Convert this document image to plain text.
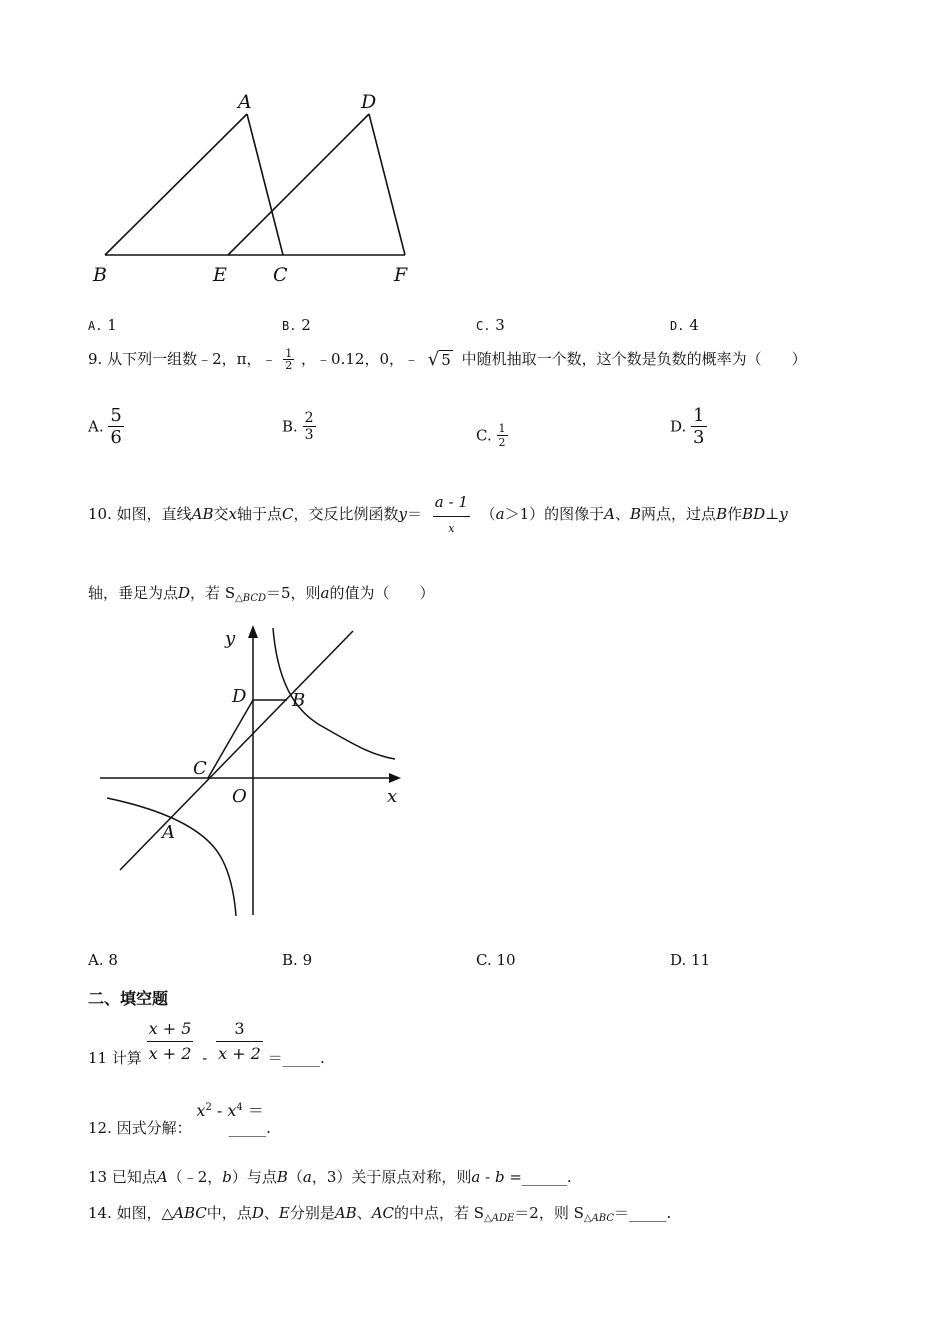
A	D
B	E C	F
A. 1	B. 2	C. 3	D. 4
9. 从下列一组数﹣2，π，﹣ $\frac{1}{2}$ ，﹣0.12，0，﹣ √ 5 中随机抽取一个数，这个数是负数的概率为（　　）
A. $\frac{5}{6}$	B. $\frac{2}{3}$	C. $\frac{1}{2}$	D. $\frac{1}{3}$
10. 如图，直线AB交x轴于点C，交反比例函数$y= \frac{a - 1}{x} (a>1)$的图像于A、B两点，过点B作BD⊥y
轴，垂足为点D，若 $S_{\triangle BCD}=5$，则a的值为（　　）
y
x
O
D	B
C
A
A. 8	B. 9	C. 10	D. 11
二、填空题
11 计算 $\frac{x + 5}{x + 2} - \frac{3}{x + 2}$ ＝_____.
12. 因式分解： $x^2 - x^4$ ＝ _____.
13 已知点A（﹣2，b）与点B（a，3）关于原点对称，则a - b =______.
14. 如图，△ABC中，点D、E分别是AB、AC的中点，若 $S_{\triangle ADE}=2$，则 $S_{\triangle ABC}=\_\_\_\_\_$.
